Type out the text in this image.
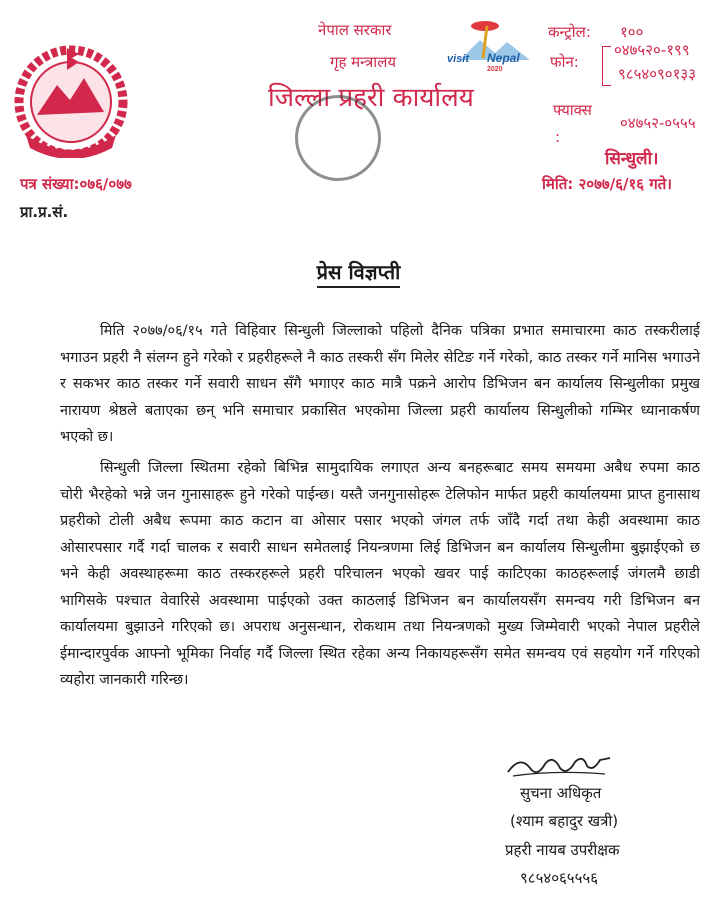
नेपाल सरकार
गृह मन्त्रालय
जिल्ला प्रहरी कार्यालय
visit Nepal
2020
कन्ट्रोल: १००
फोन:
०४७५२०-१९९
९८५४०९०१३३
फ्याक्स
:
०४७५२-०५५५
सिन्धुली।
मिति: २०७७/६/१६ गते।
पत्र संख्या:०७६/०७७
प्रा.प्र.सं.
प्रेस विज्ञप्ती
मिति २०७७/०६/१५ गते विहिवार सिन्धुली जिल्लाको पहिलो दैनिक पत्रिका प्रभात समाचारमा काठ तस्करीलाई
भगाउन प्रहरी नै संलग्न हुने गरेको र प्रहरीहरूले नै काठ तस्करी सँग मिलेर सेटिङ गर्ने गरेको, काठ तस्कर गर्ने मानिस भगाउने
र सकभर काठ तस्कर गर्ने सवारी साधन सँगै भगाएर काठ मात्रै पक्रने आरोप डिभिजन बन कार्यालय सिन्धुलीका प्रमुख
नारायण श्रेष्ठले बताएका छन् भनि समाचार प्रकासित भएकोमा जिल्ला प्रहरी कार्यालय सिन्धुलीको गम्भिर ध्यानाकर्षण
भएको छ।
सिन्धुली जिल्ला स्थितमा रहेको बिभिन्न सामुदायिक लगाएत अन्य बनहरूबाट समय समयमा अबैध रुपमा काठ
चोरी भैरहेको भन्ने जन गुनासाहरू हुने गरेको पाईन्छ। यस्तै जनगुनासोहरू टेलिफोन मार्फत प्रहरी कार्यालयमा प्राप्त हुनासाथ
प्रहरीको टोली अबैध रूपमा काठ कटान वा ओसार पसार भएको जंगल तर्फ जाँदै गर्दा तथा केही अवस्थामा काठ
ओसारपसार गर्दै गर्दा चालक र सवारी साधन समेतलाई नियन्त्रणमा लिई डिभिजन बन कार्यालय सिन्धुलीमा बुझाईएको छ
भने केही अवस्थाहरूमा काठ तस्करहरूले प्रहरी परिचालन भएको खवर पाई काटिएका काठहरूलाई जंगलमै छाडी
भागिसके पश्चात वेवारिसे अवस्थामा पाईएको उक्त काठलाई डिभिजन बन कार्यालयसँग समन्वय गरी डिभिजन बन
कार्यालयमा बुझाउने गरिएको छ। अपराध अनुसन्धान, रोकथाम तथा नियन्त्रणको मुख्य जिम्मेवारी भएको नेपाल प्रहरीले
ईमान्दारपुर्वक आफ्नो भूमिका निर्वाह गर्दै जिल्ला स्थित रहेका अन्य निकायहरूसँग समेत समन्वय एवं सहयोग गर्ने गरिएको
व्यहोरा जानकारी गरिन्छ।
सुचना अधिकृत
(श्याम बहादुर खत्री)
प्रहरी नायब उपरीक्षक
९८५४०६५५५६
